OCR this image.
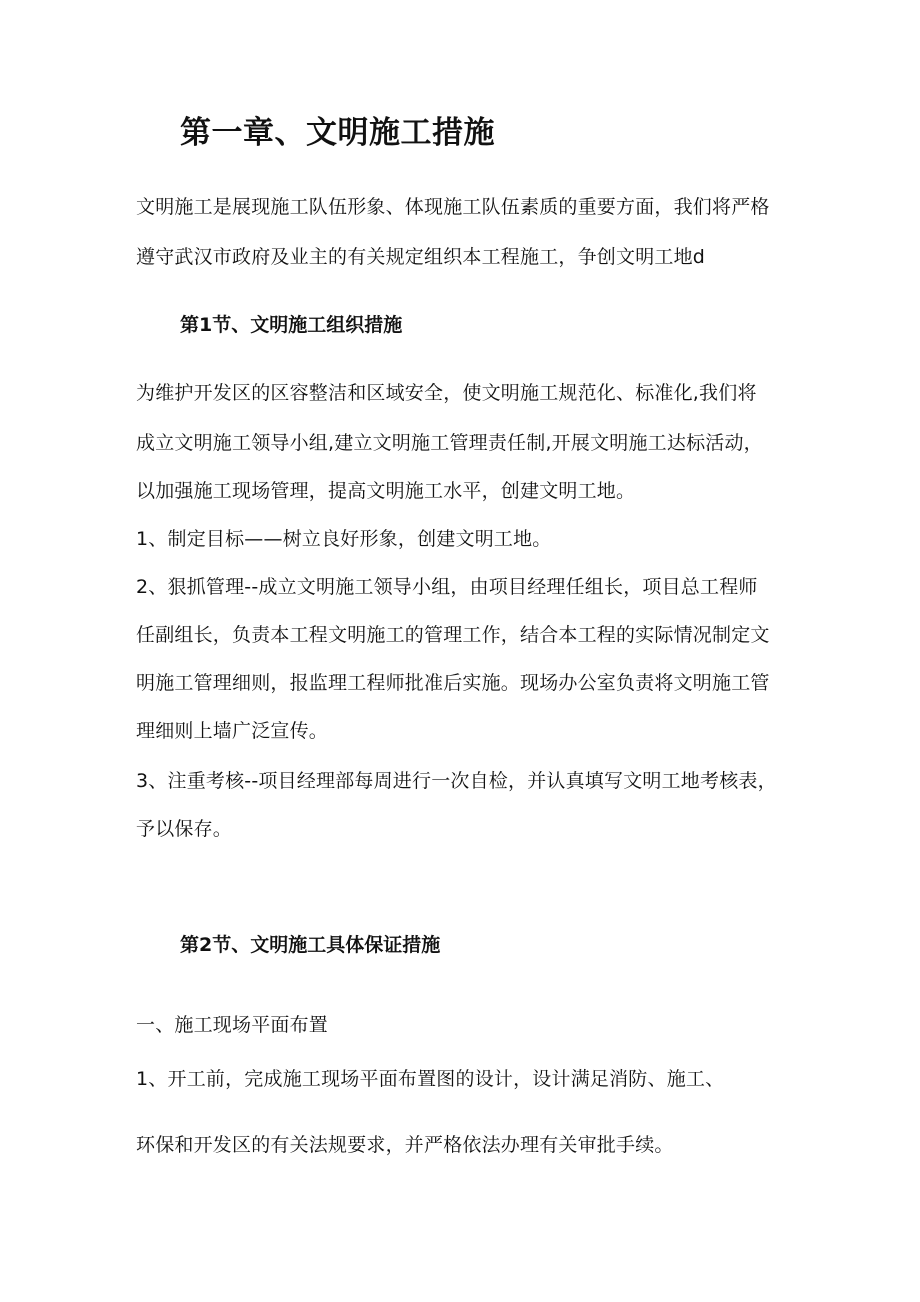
第一章、文明施工措施

文明施工是展现施工队伍形象、体现施工队伍素质的重要方面，我们将严格

遵守武汉市政府及业主的有关规定组织本工程施工，争创文明工地d

第1节、文明施工组织措施

为维护开发区的区容整洁和区域安全，使文明施工规范化、标准化,我们将

成立文明施工领导小组,建立文明施工管理责任制,开展文明施工达标活动，

以加强施工现场管理，提高文明施工水平，创建文明工地。

1、制定目标——树立良好形象，创建文明工地。

2、狠抓管理--成立文明施工领导小组，由项目经理任组长，项目总工程师

任副组长，负责本工程文明施工的管理工作，结合本工程的实际情况制定文

明施工管理细则，报监理工程师批准后实施。现场办公室负责将文明施工管

理细则上墙广泛宣传。

3、注重考核--项目经理部每周进行一次自检，并认真填写文明工地考核表，

予以保存。

第2节、文明施工具体保证措施

一、施工现场平面布置

1、开工前，完成施工现场平面布置图的设计，设计满足消防、施工、

环保和开发区的有关法规要求，并严格依法办理有关审批手续。
